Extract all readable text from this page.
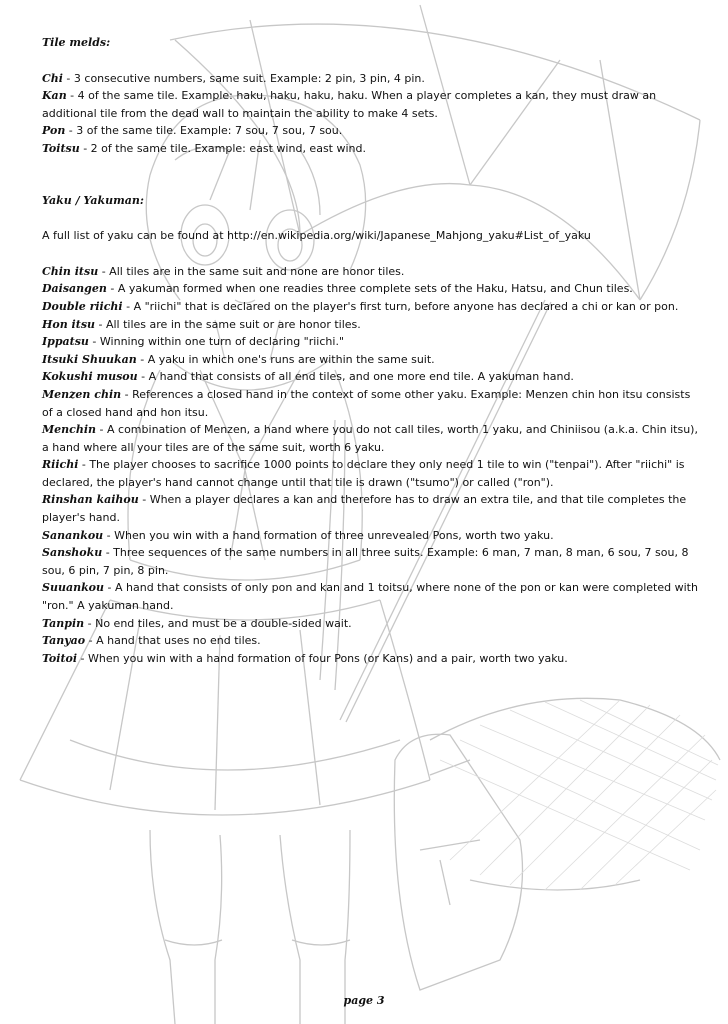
Tile melds:

Chi - 3 consecutive numbers, same suit. Example: 2 pin, 3 pin, 4 pin.

Kan - 4 of the same tile. Example: haku, haku, haku, haku. When a player completes a kan, they must draw an additional tile from the dead wall to maintain the ability to make 4 sets.

Pon - 3 of the same tile. Example: 7 sou, 7 sou, 7 sou.

Toitsu - 2 of the same tile. Example: east wind, east wind.

Yaku / Yakuman:

A full list of yaku can be found at http://en.wikipedia.org/wiki/Japanese_Mahjong_yaku#List_of_yaku

Chin itsu - All tiles are in the same suit and none are honor tiles.

Daisangen - A yakuman formed when one readies three complete sets of the Haku, Hatsu, and Chun tiles.

Double riichi - A "riichi" that is declared on the player's first turn, before anyone has declared a chi or kan or pon.

Hon itsu - All tiles are in the same suit or are honor tiles.

Ippatsu - Winning within one turn of declaring "riichi."

Itsuki Shuukan - A yaku in which one's runs are within the same suit.

Kokushi musou - A hand that consists of all end tiles, and one more end tile. A yakuman hand.

Menzen chin - References a closed hand in the context of some other yaku. Example: Menzen chin hon itsu consists of a closed hand and hon itsu.

Menchin - A combination of Menzen, a hand where you do not call tiles, worth 1 yaku, and Chiniisou (a.k.a. Chin itsu), a hand where all your tiles are of the same suit, worth 6 yaku.

Riichi - The player chooses to sacrifice 1000 points to declare they only need 1 tile to win ("tenpai"). After "riichi" is declared, the player's hand cannot change until that tile is drawn ("tsumo") or called ("ron").

Rinshan kaihou - When a player declares a kan and therefore has to draw an extra tile, and that tile completes the player's hand.

Sanankou - When you win with a hand formation of three unrevealed Pons, worth two yaku.

Sanshoku - Three sequences of the same numbers in all three suits. Example: 6 man, 7 man, 8 man, 6 sou, 7 sou, 8 sou, 6 pin, 7 pin, 8 pin.

Suuankou - A hand that consists of only pon and kan and 1 toitsu, where none of the pon or kan were completed with "ron." A yakuman hand.

Tanpin - No end tiles, and must be a double-sided wait.

Tanyao - A hand that uses no end tiles.

Toitoi - When you win with a hand formation of four Pons (or Kans) and a pair, worth two yaku.

page 3
